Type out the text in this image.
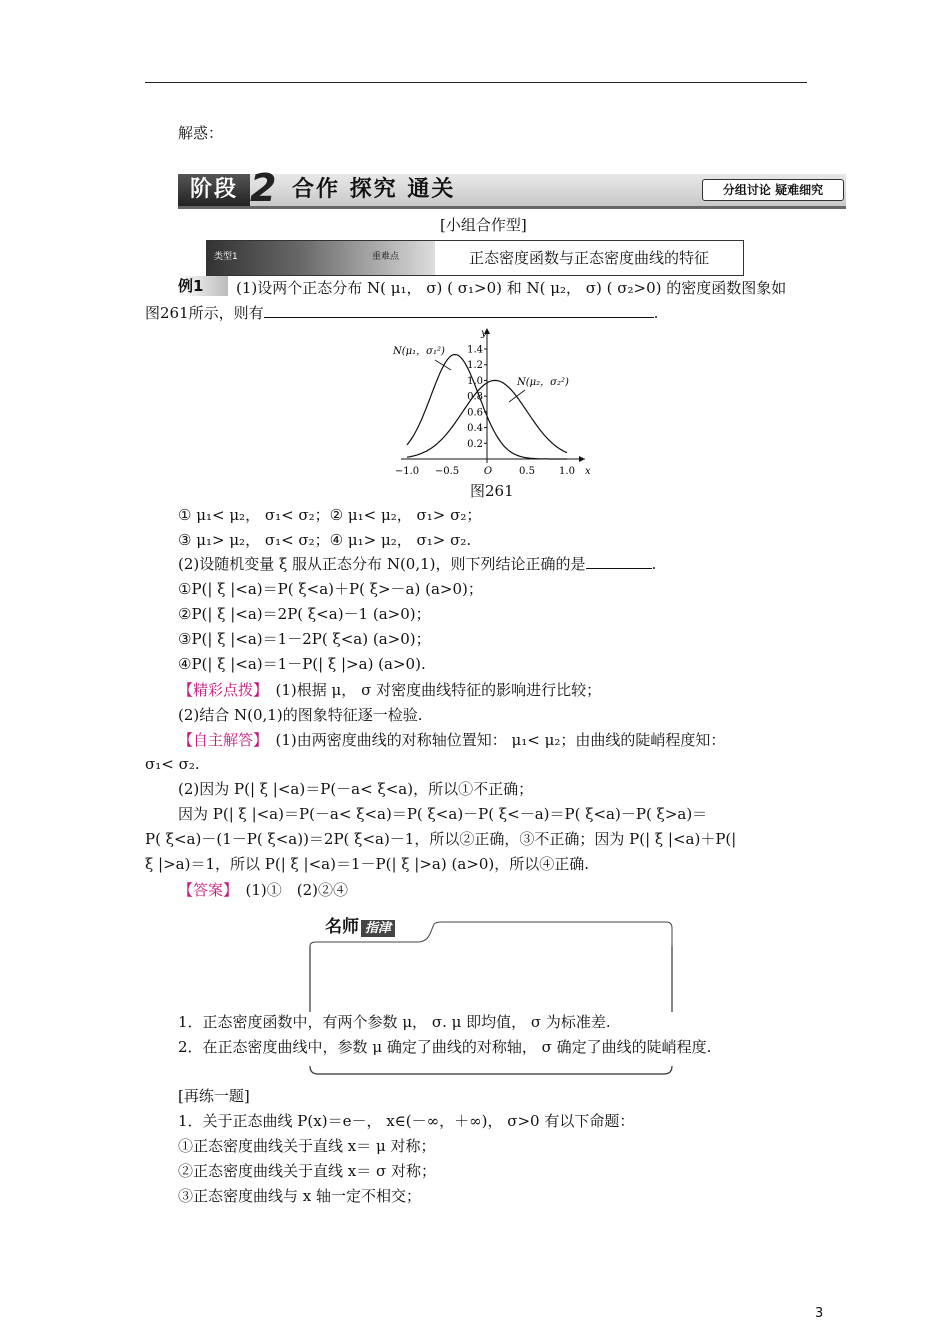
解惑：
阶段 2 合作 探究 通关	分组讨论 疑难细究
[小组合作型]
类型1	重难点	正态密度函数与正态密度曲线的特征
例1	(1)设两个正态分布 N( μ₁， σ) ( σ₁>0) 和 N( μ₂， σ) ( σ₂>0) 的密度函数图象如
图261所示，则有	.
x
y
−1.0 −0.5 O	0.5 1.0
0.2
0.4
0.6
0.8
1.0
1.2
1.4
N(μ₁，σ₁²)
N(μ₂，σ₂²)
图261
① μ₁< μ₂， σ₁< σ₂；② μ₁< μ₂， σ₁> σ₂；
③ μ₁> μ₂， σ₁< σ₂；④ μ₁> μ₂， σ₁> σ₂.
(2)设随机变量 ξ 服从正态分布 N(0,1)，则下列结论正确的是	.
①P(| ξ |<a)＝P( ξ<a)＋P( ξ>－a) (a>0)；
②P(| ξ |<a)＝2P( ξ<a)－1 (a>0)；
③P(| ξ |<a)＝1－2P( ξ<a) (a>0)；
④P(| ξ |<a)＝1－P(| ξ |>a) (a>0).
【精彩点拨】　 (1)根据 μ， σ 对密度曲线特征的影响进行比较；
(2)结合 N(0,1)的图象特征逐一检验.
【自主解答】　 (1)由两密度曲线的对称轴位置知： μ₁< μ₂；由曲线的陡峭程度知：
σ₁< σ₂.
(2)因为 P(| ξ |<a)＝P(－a< ξ<a)，所以①不正确；
因为 P(| ξ |<a)＝P(－a< ξ<a)＝P( ξ<a)－P( ξ<－a)＝P( ξ<a)－P( ξ>a)＝
P( ξ<a)－(1－P( ξ<a))＝2P( ξ<a)－1，所以②正确，③不正确；因为 P(| ξ |<a)＋P(|
ξ |>a)＝1，所以 P(| ξ |<a)＝1－P(| ξ |>a) (a>0)，所以④正确.
【答案】　 (1)①　(2)②④
名师 指津
1．正态密度函数中，有两个参数 μ， σ. μ 即均值， σ 为标准差.
2．在正态密度曲线中，参数 μ 确定了曲线的对称轴， σ 确定了曲线的陡峭程度.
[再练一题]
1．关于正态曲线 P(x)＝e－， x∈(－∞，＋∞)， σ>0 有以下命题：
①正态密度曲线关于直线 x＝ μ 对称；
②正态密度曲线关于直线 x＝ σ 对称；
③正态密度曲线与 x 轴一定不相交；
3
